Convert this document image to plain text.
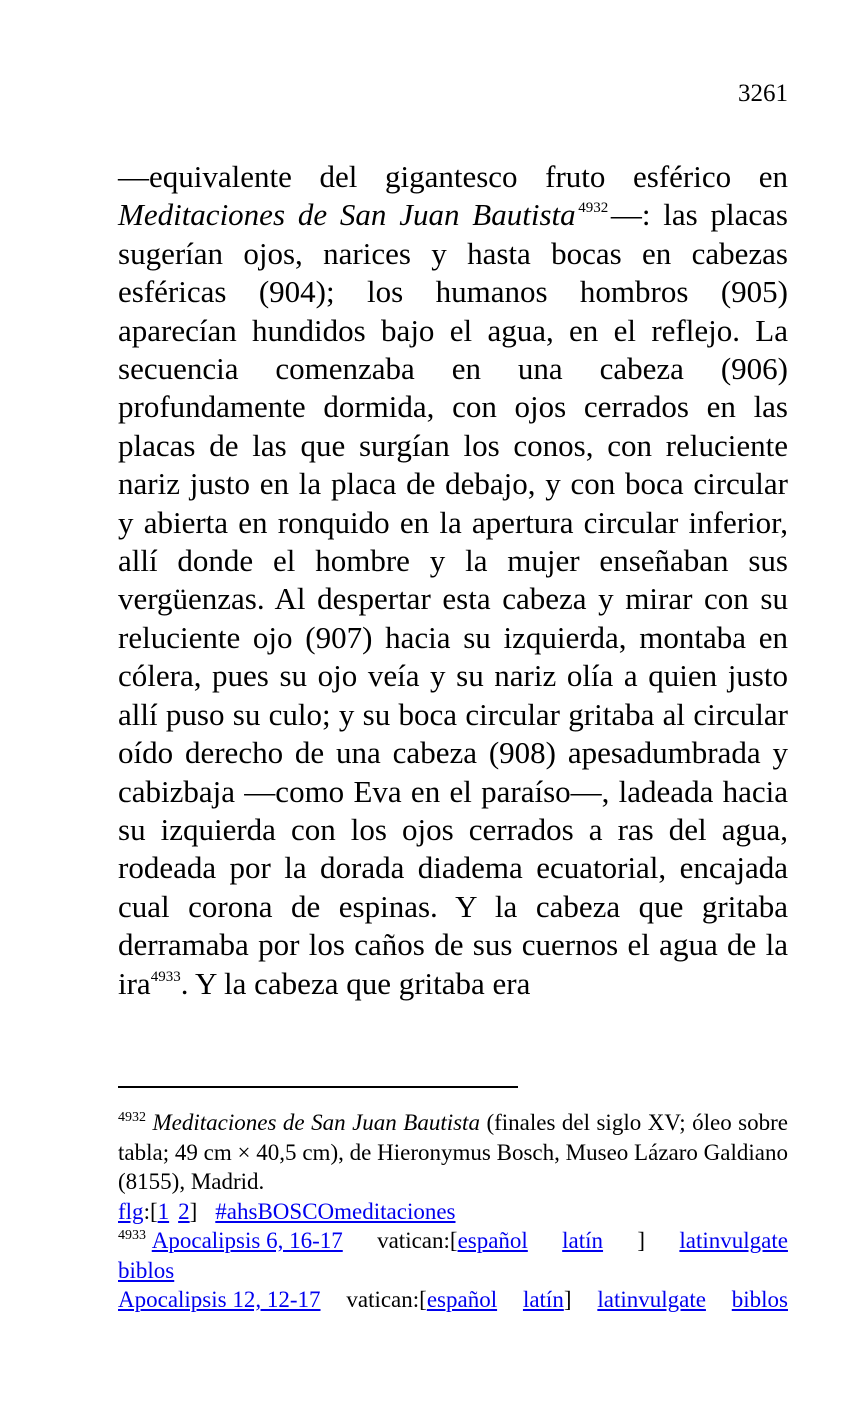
3261

—equivalente del gigantesco fruto esférico en Meditaciones de San Juan Bautista  $^{4932}$ —: las placas sugerían ojos, narices y hasta bocas en cabezas esféricas (904); los humanos hombros (905) aparecían hundidos bajo el agua, en el reflejo. La secuencia comenzaba en una cabeza (906) profundamente dormida, con ojos cerrados en las placas de las que surgían los conos, con reluciente nariz justo en la placa de debajo, y con boca circular y abierta en ronquido en la apertura circular inferior, allí donde el hombre y la mujer enseñaban sus vergüenzas. Al despertar esta cabeza y mirar con su reluciente ojo (907) hacia su izquierda, montaba en cólera, pues su ojo veía y su nariz olía a quien justo allí puso su culo; y su boca circular gritaba al circular oído derecho de una cabeza (908) apesadumbrada y cabizbaja —como Eva en el paraíso—, ladeada hacia su izquierda con los ojos cerrados a ras del agua, rodeada por la dorada diadema ecuatorial, encajada cual corona de espinas. Y la cabeza que gritaba derramaba por los caños de sus cuernos el agua de la ira$^{4933}$. Y la cabeza que gritaba era

$^{4932}$ Meditaciones de San Juan Bautista (finales del siglo XV; óleo sobre tabla; 49 cm × 40,5 cm), de Hieronymus Bosch, Museo Lázaro Galdiano (8155), Madrid.

flg :[ 1 2 ] #ahsBOSCOmeditaciones
$^{4933}$ Apocalipsis 6, 16-17 vatican:[español latín ] latinvulgate
biblos
Apocalipsis 12, 12-17 vatican:[español latín] latinvulgate biblos
